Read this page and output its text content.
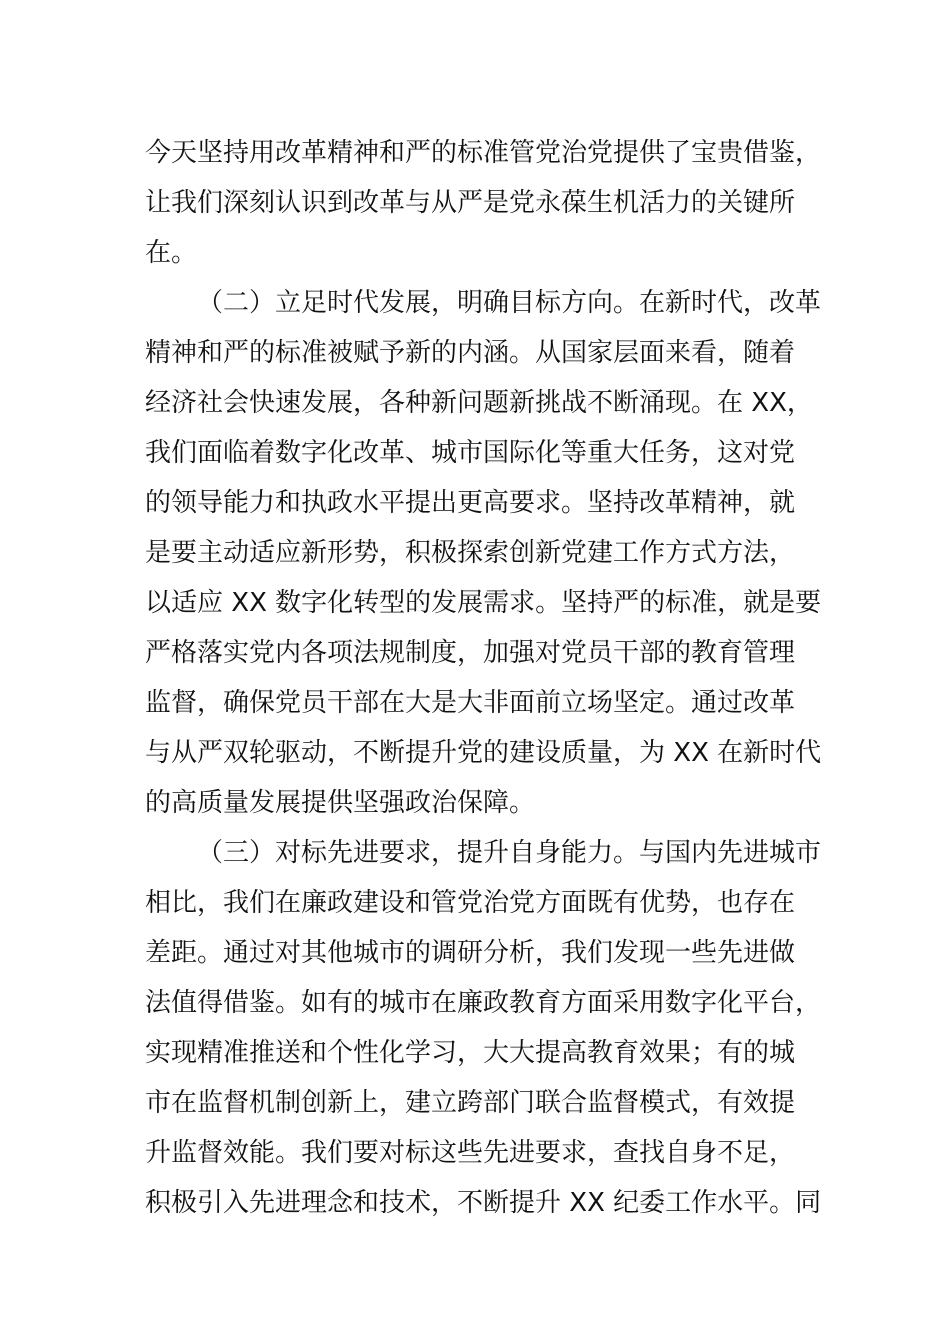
今天坚持用改革精神和严的标准管党治党提供了宝贵借鉴，
让我们深刻认识到改革与从严是党永葆生机活力的关键所
在。
（二）立足时代发展，明确目标方向。在新时代，改革
精神和严的标准被赋予新的内涵。从国家层面来看，随着
经济社会快速发展，各种新问题新挑战不断涌现。在 XX，
我们面临着数字化改革、城市国际化等重大任务，这对党
的领导能力和执政水平提出更高要求。坚持改革精神，就
是要主动适应新形势，积极探索创新党建工作方式方法，
以适应 XX 数字化转型的发展需求。坚持严的标准，就是要
严格落实党内各项法规制度，加强对党员干部的教育管理
监督，确保党员干部在大是大非面前立场坚定。通过改革
与从严双轮驱动，不断提升党的建设质量，为 XX 在新时代
的高质量发展提供坚强政治保障。
（三）对标先进要求，提升自身能力。与国内先进城市
相比，我们在廉政建设和管党治党方面既有优势，也存在
差距。通过对其他城市的调研分析，我们发现一些先进做
法值得借鉴。如有的城市在廉政教育方面采用数字化平台，
实现精准推送和个性化学习，大大提高教育效果；有的城
市在监督机制创新上，建立跨部门联合监督模式，有效提
升监督效能。我们要对标这些先进要求，查找自身不足，
积极引入先进理念和技术，不断提升 XX 纪委工作水平。同
